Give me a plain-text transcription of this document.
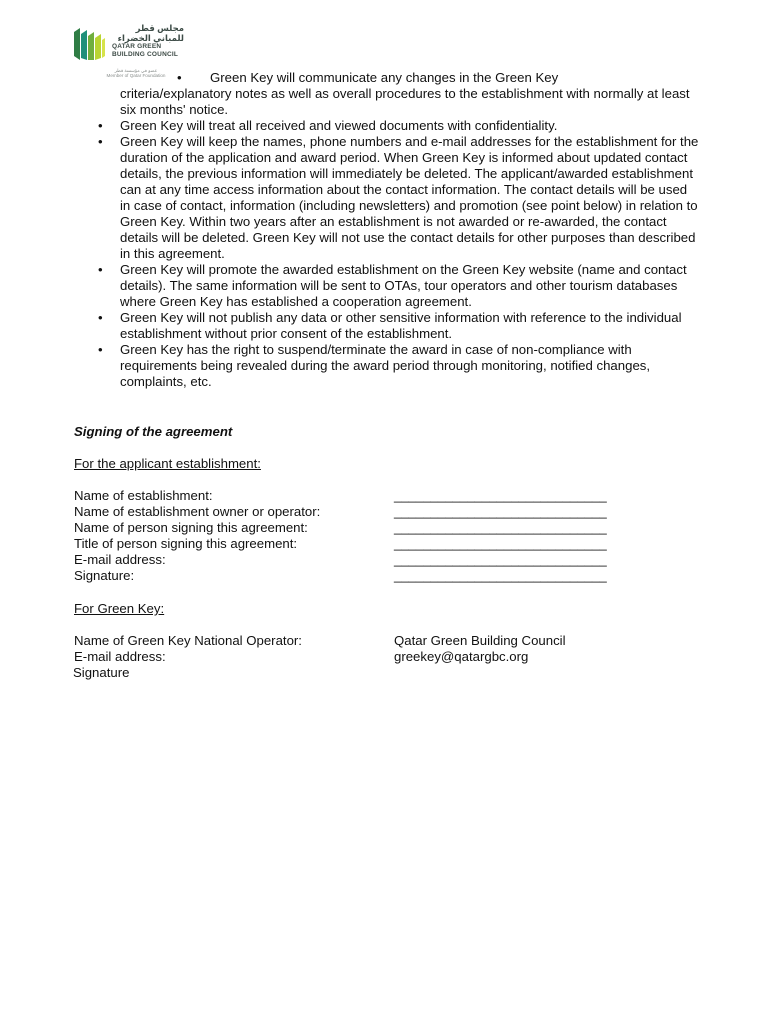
مجلس قطر
للمباني الخضراء
QATAR GREEN
BUILDING COUNCIL
عضو في مؤسسة قطر
Member of Qatar Foundation •	Green Key will communicate any changes in the Green Key
criteria/explanatory notes as well as overall procedures to the establishment with normally at least six months' notice.
• Green Key will treat all received and viewed documents with confidentiality.
• Green Key will keep the names, phone numbers and e-mail addresses for the establishment for the duration of the application and award period. When Green Key is informed about updated contact details, the previous information will immediately be deleted. The applicant/awarded establishment can at any time access information about the contact information. The contact details will be used in case of contact, information (including newsletters) and promotion (see point below) in relation to Green Key. Within two years after an establishment is not awarded or re-awarded, the contact details will be deleted. Green Key will not use the contact details for other purposes than described in this agreement.
• Green Key will promote the awarded establishment on the Green Key website (name and contact details). The same information will be sent to OTAs, tour operators and other tourism databases where Green Key has established a cooperation agreement.
• Green Key will not publish any data or other sensitive information with reference to the individual establishment without prior consent of the establishment.
• Green Key has the right to suspend/terminate the award in case of non-compliance with requirements being revealed during the award period through monitoring, notified changes, complaints, etc.
Signing of the agreement
For the applicant establishment:
Name of establishment:	_____________________________
Name of establishment owner or operator:	_____________________________
Name of person signing this agreement:	_____________________________
Title of person signing this agreement:	_____________________________
E-mail address:	_____________________________
Signature:	_____________________________
For Green Key:
Name of Green Key National Operator:	Qatar Green Building Council
E-mail address:	greekey@qatargbc.org
Signature
